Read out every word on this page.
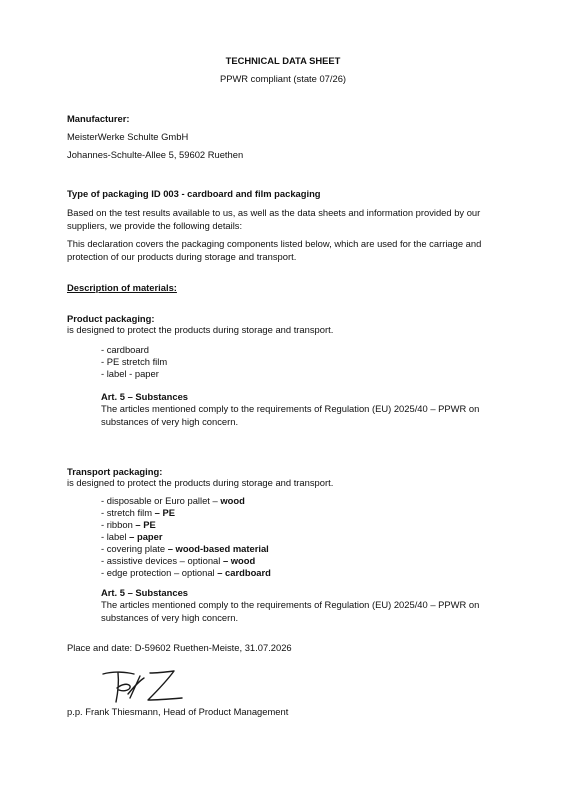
TECHNICAL DATA SHEET
PPWR compliant (state 07/26)
Manufacturer:
MeisterWerke Schulte GmbH
Johannes-Schulte-Allee 5, 59602 Ruethen
Type of packaging ID 003 - cardboard and film packaging
Based on the test results available to us, as well as the data sheets and information provided by our suppliers, we provide the following details:
This declaration covers the packaging components listed below, which are used for the carriage and protection of our products during storage and transport.
Description of materials:
Product packaging:
is designed to protect the products during storage and transport.
- cardboard
- PE stretch film
- label - paper
Art. 5 – Substances
The articles mentioned comply to the requirements of Regulation (EU) 2025/40 – PPWR on substances of very high concern.
Transport packaging:
is designed to protect the products during storage and transport.
- disposable or Euro pallet – wood
- stretch film – PE
- ribbon – PE
- label – paper
- covering plate – wood-based material
- assistive devices – optional – wood
- edge protection – optional – cardboard
Art. 5 – Substances
The articles mentioned comply to the requirements of Regulation (EU) 2025/40 – PPWR on substances of very high concern.
Place and date: D-59602 Ruethen-Meiste, 31.07.2026
p.p. Frank Thiesmann, Head of Product Management
